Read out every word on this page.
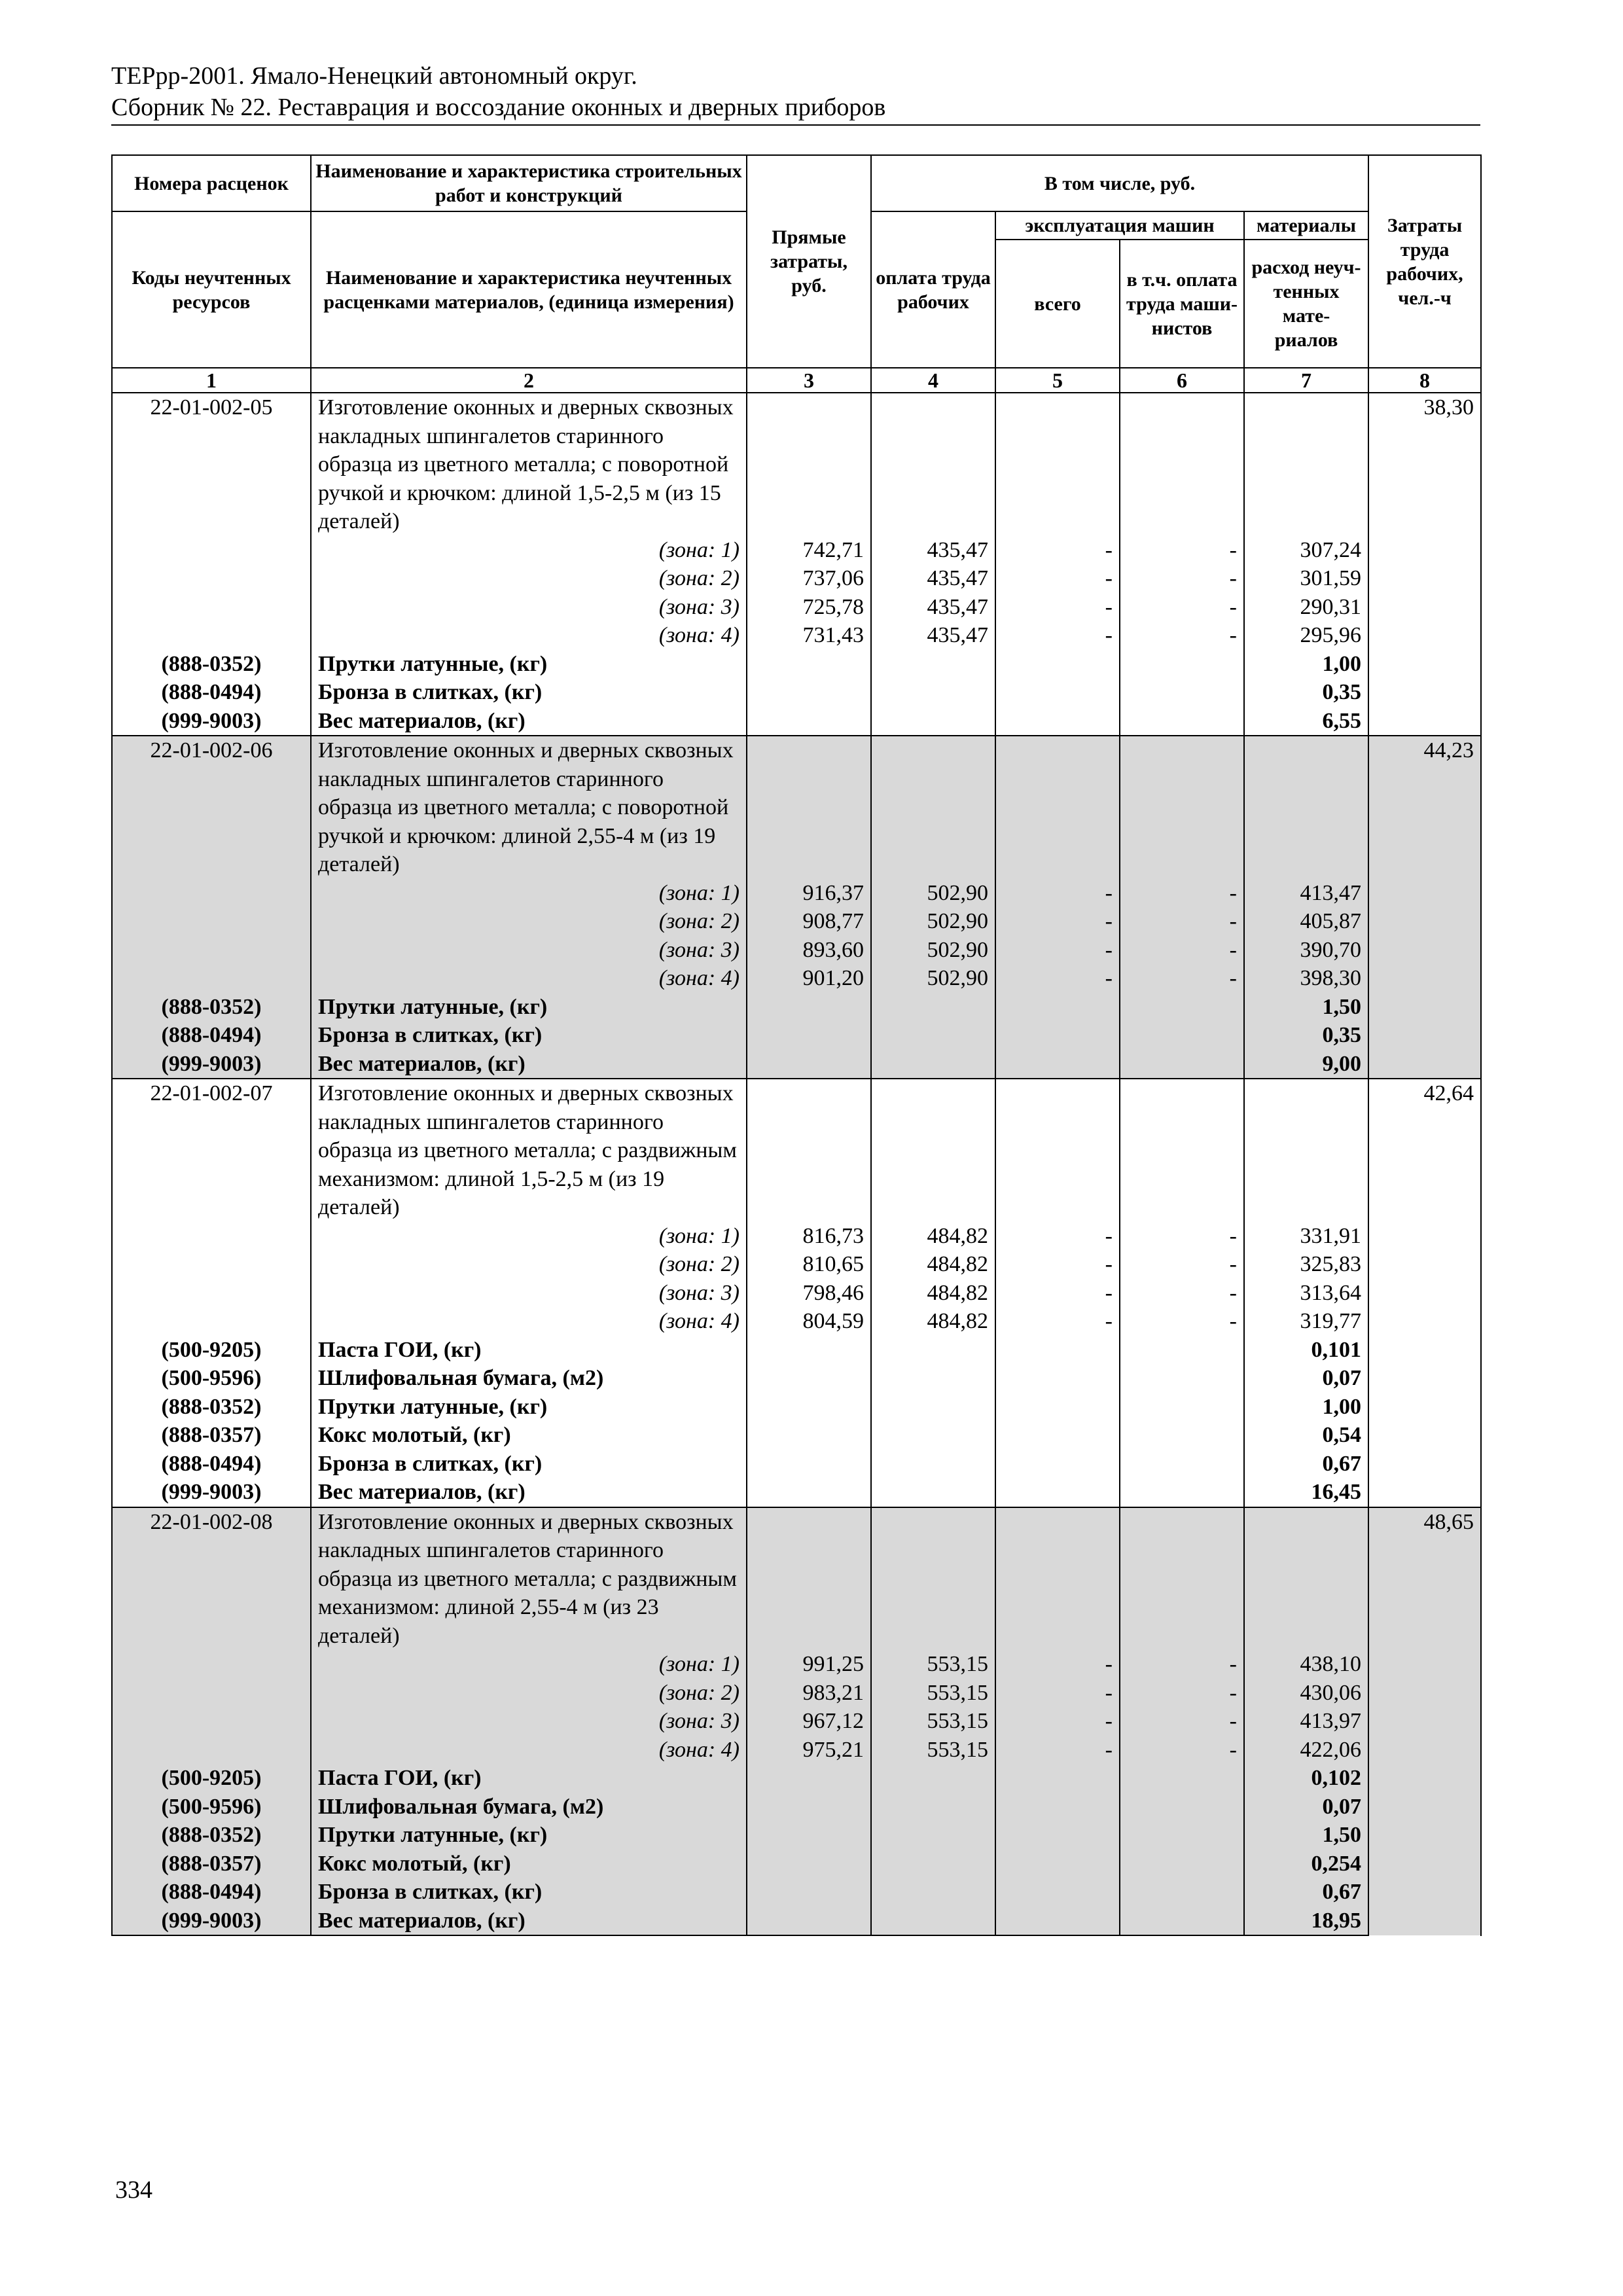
ТЕРрр-2001. Ямало-Ненецкий автономный округ.
Сборник № 22. Реставрация и воссоздание оконных и дверных приборов
Номера расценок	Наименование и характеристика строительных работ и конструкций	Прямые затраты, руб.	В том числе, руб.				Затраты труда рабочих, чел.-ч	
Коды неучтенных ресурсов	Наименование и характеристика неучтенных расценками материалов, (единица измерения)		оплата труда рабочих	эксплуатация машин		материалы		
				всего	в т.ч. оплата труда маши- нистов	расход неуч- тенных мате- риалов		
1	2	3	4	5	6	7	8	
22-01-002-05	Изготовление оконных и дверных сквозных накладных шпингалетов старинного образца из цветного металла; с поворотной ручкой и крючком: длиной 1,5-2,5 м (из 15 деталей)						38,30	
	(зона: 1)	742,71	435,47	-	-	307,24		
	(зона: 2)	737,06	435,47	-	-	301,59		
	(зона: 3)	725,78	435,47	-	-	290,31		
	(зона: 4)	731,43	435,47	-	-	295,96		
(888-0352)	Прутки латунные, (кг)					1,00		
(888-0494)	Бронза в слитках, (кг)					0,35		
(999-9003)	Вес материалов, (кг)					6,55		
22-01-002-06	Изготовление оконных и дверных сквозных накладных шпингалетов старинного образца из цветного металла; с поворотной ручкой и крючком: длиной 2,55-4 м (из 19 деталей)						44,23	
	(зона: 1)	916,37	502,90	-	-	413,47		
	(зона: 2)	908,77	502,90	-	-	405,87		
	(зона: 3)	893,60	502,90	-	-	390,70		
	(зона: 4)	901,20	502,90	-	-	398,30		
(888-0352)	Прутки латунные, (кг)					1,50		
(888-0494)	Бронза в слитках, (кг)					0,35		
(999-9003)	Вес материалов, (кг)					9,00		
22-01-002-07	Изготовление оконных и дверных сквозных накладных шпингалетов старинного образца из цветного металла; с раздвижным механизмом: длиной 1,5-2,5 м (из 19 деталей)						42,64	
	(зона: 1)	816,73	484,82	-	-	331,91		
	(зона: 2)	810,65	484,82	-	-	325,83		
	(зона: 3)	798,46	484,82	-	-	313,64		
	(зона: 4)	804,59	484,82	-	-	319,77		
(500-9205)	Паста ГОИ, (кг)					0,101		
(500-9596)	Шлифовальная бумага, (м2)					0,07		
(888-0352)	Прутки латунные, (кг)					1,00		
(888-0357)	Кокс молотый, (кг)					0,54		
(888-0494)	Бронза в слитках, (кг)					0,67		
(999-9003)	Вес материалов, (кг)					16,45		
22-01-002-08	Изготовление оконных и дверных сквозных накладных шпингалетов старинного образца из цветного металла; с раздвижным механизмом: длиной 2,55-4 м (из 23 деталей)						48,65	
	(зона: 1)	991,25	553,15	-	-	438,10		
	(зона: 2)	983,21	553,15	-	-	430,06		
	(зона: 3)	967,12	553,15	-	-	413,97		
	(зона: 4)	975,21	553,15	-	-	422,06		
(500-9205)	Паста ГОИ, (кг)					0,102		
(500-9596)	Шлифовальная бумага, (м2)					0,07		
(888-0352)	Прутки латунные, (кг)					1,50		
(888-0357)	Кокс молотый, (кг)					0,254		
(888-0494)	Бронза в слитках, (кг)					0,67		
(999-9003)	Вес материалов, (кг)					18,95		
334
